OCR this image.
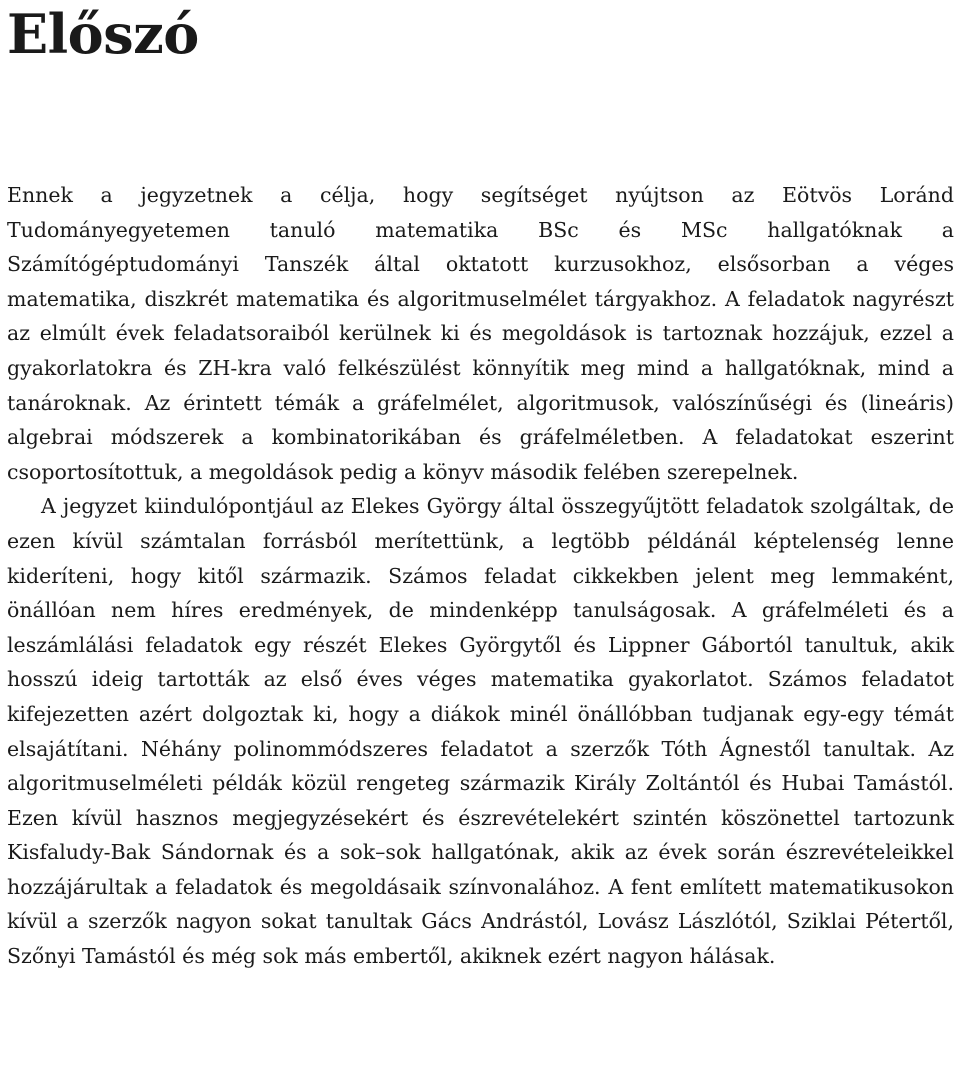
Előszó

Ennek a jegyzetnek a célja, hogy segítséget nyújtson az Eötvös Loránd Tudományegyetemen tanuló matematika BSc és MSc hallgatóknak a Számítógéptudományi Tanszék által oktatott kurzusokhoz, elsősorban a véges matematika, diszkrét matematika és algoritmuselmélet tárgyakhoz. A feladatok nagyrészt az elmúlt évek feladatsoraiból kerülnek ki és megoldások is tartoznak hozzájuk, ezzel a gyakorlatokra és ZH-kra való felkészülést könnyítik meg mind a hallgatóknak, mind a tanároknak. Az érintett témák a gráfelmélet, algoritmusok, valószínűségi és (lineáris) algebrai módszerek a kombinatorikában és gráfelméletben. A feladatokat eszerint csoportosítottuk, a megoldások pedig a könyv második felében szerepelnek.

A jegyzet kiindulópontjául az Elekes György által összegyűjtött feladatok szolgáltak, de ezen kívül számtalan forrásból merítettünk, a legtöbb példánál képtelenség lenne kideríteni, hogy kitől származik. Számos feladat cikkekben jelent meg lemmaként, önállóan nem híres eredmények, de mindenképp tanulságosak. A gráfelméleti és a leszámlálási feladatok egy részét Elekes Györgytől és Lippner Gábortól tanultuk, akik hosszú ideig tartották az első éves véges matematika gyakorlatot. Számos feladatot kifejezetten azért dolgoztak ki, hogy a diákok minél önállóbban tudjanak egy-egy témát elsajátítani. Néhány polinommódszeres feladatot a szerzők Tóth Ágnestől tanultak. Az algoritmuselméleti példák közül rengeteg származik Király Zoltántól és Hubai Tamástól. Ezen kívül hasznos megjegyzésekért és észrevételekért szintén köszönettel tartozunk Kisfaludy-Bak Sándornak és a sok–sok hallgatónak, akik az évek során észrevételeikkel hozzájárultak a feladatok és megoldásaik színvonalához. A fent említett matematikusokon kívül a szerzők nagyon sokat tanultak Gács Andrástól, Lovász Lászlótól, Sziklai Pétertől, Szőnyi Tamástól és még sok más embertől, akiknek ezért nagyon hálásak.
